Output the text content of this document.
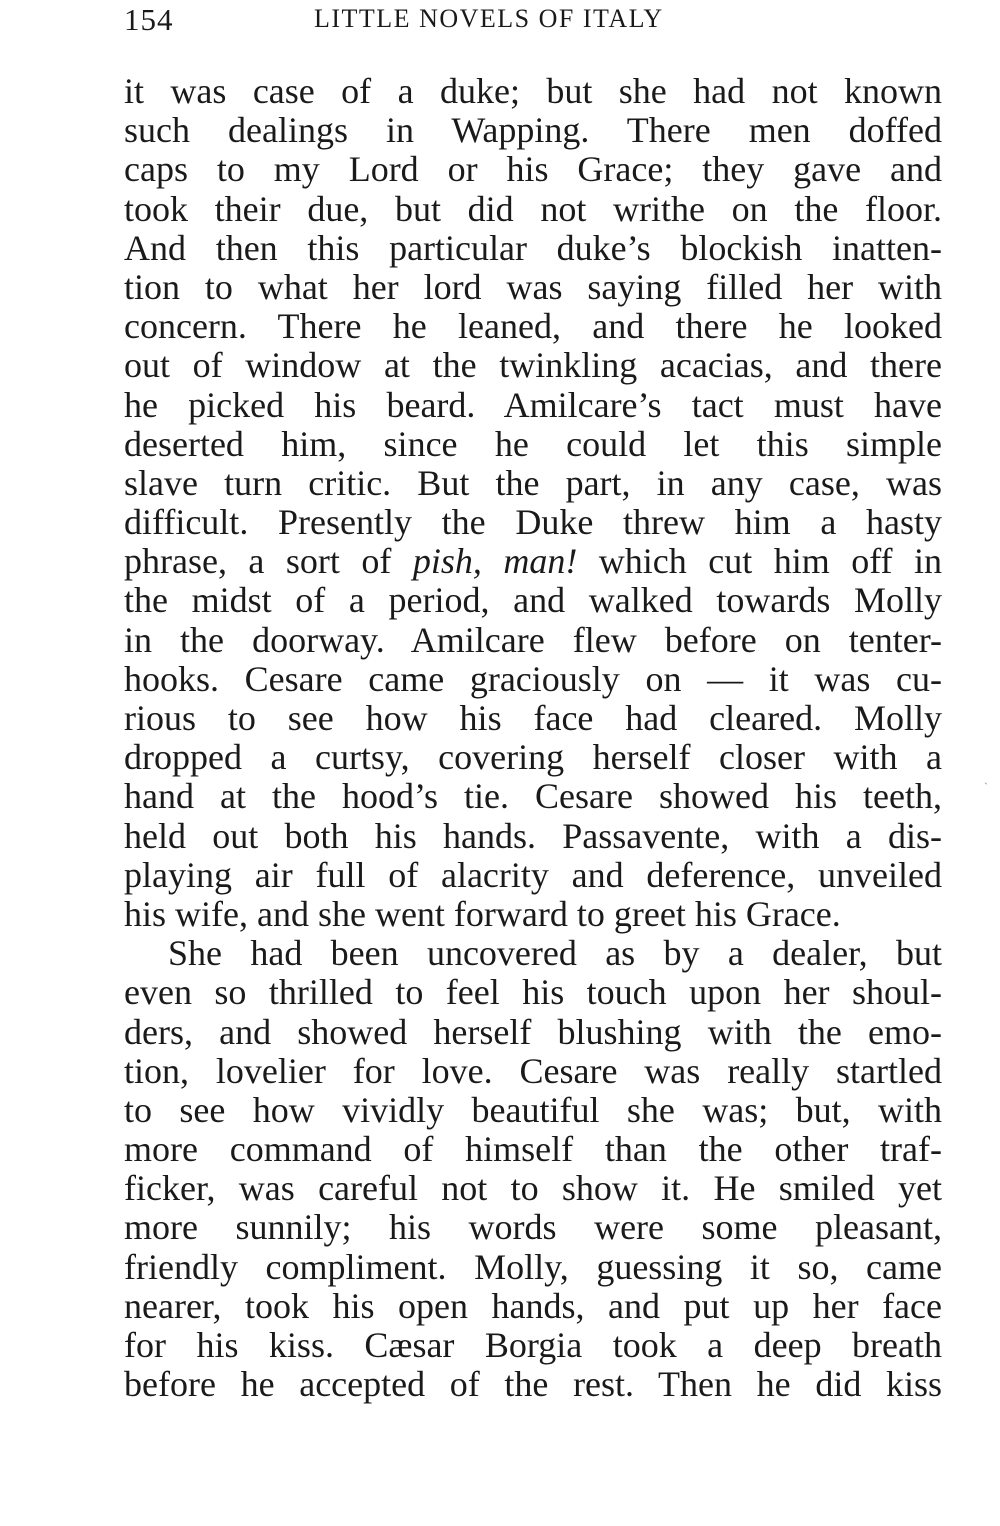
154	LITTLE NOVELS OF ITALY
it was case of a duke; but she had not known
such dealings in Wapping. There men doffed
caps to my Lord or his Grace; they gave and
took their due, but did not writhe on the floor.
And then this particular duke’s blockish inatten-
tion to what her lord was saying filled her with
concern. There he leaned, and there he looked
out of window at the twinkling acacias, and there
he picked his beard. Amilcare’s tact must have
deserted him, since he could let this simple
slave turn critic. But the part, in any case, was
difficult. Presently the Duke threw him a hasty
phrase, a sort of pish, man! which cut him off in
the midst of a period, and walked towards Molly
in the doorway. Amilcare flew before on tenter-
hooks. Cesare came graciously on — it was cu-
rious to see how his face had cleared. Molly
dropped a curtsy, covering herself closer with a
hand at the hood’s tie. Cesare showed his teeth,
held out both his hands. Passavente, with a dis-
playing air full of alacrity and deference, unveiled
his wife, and she went forward to greet his Grace.
She had been uncovered as by a dealer, but
even so thrilled to feel his touch upon her shoul-
ders, and showed herself blushing with the emo-
tion, lovelier for love. Cesare was really startled
to see how vividly beautiful she was; but, with
more command of himself than the other traf-
ficker, was careful not to show it. He smiled yet
more sunnily; his words were some pleasant,
friendly compliment. Molly, guessing it so, came
nearer, took his open hands, and put up her face
for his kiss. Cæsar Borgia took a deep breath
before he accepted of the rest. Then he did kiss
`
